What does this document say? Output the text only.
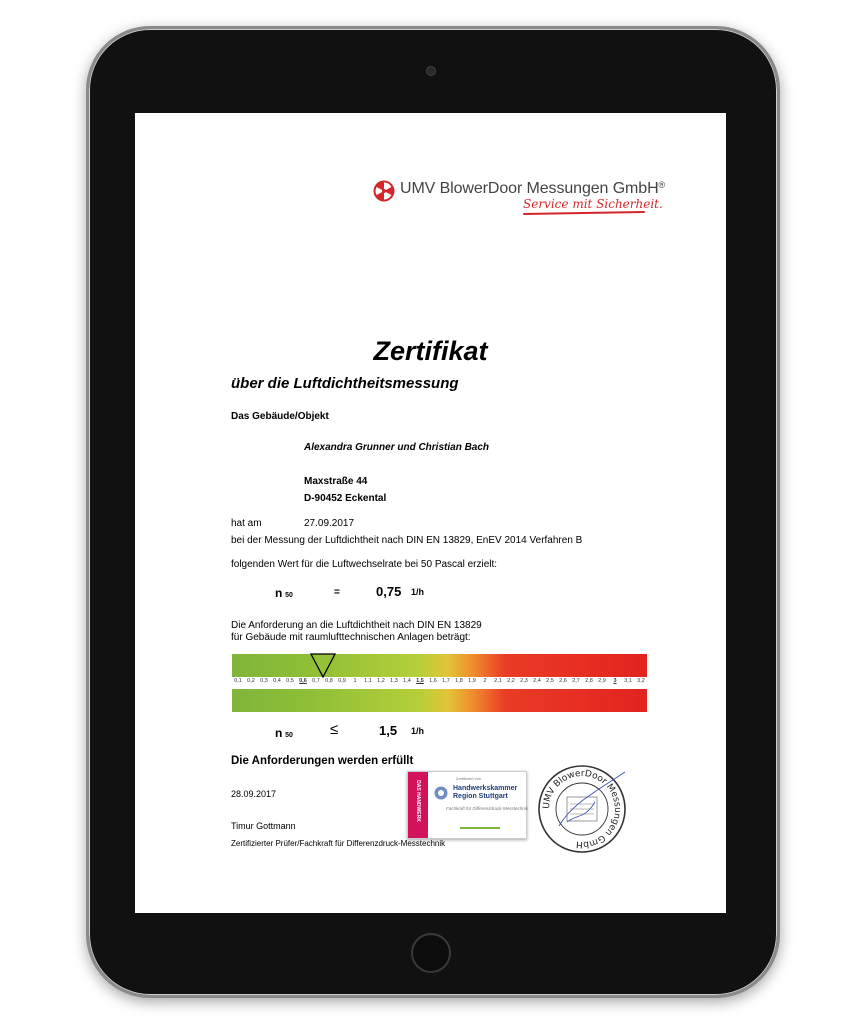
UMV BlowerDoor Messungen GmbH®
Service mit Sicherheit.
Zertifikat
über die Luftdichtheitsmessung
Das Gebäude/Objekt
Alexandra Grunner und Christian Bach
Maxstraße 44
D-90452 Eckental
hat am	27.09.2017
bei der Messung der Luftdichtheit nach DIN EN 13829, EnEV 2014 Verfahren B
folgenden Wert für die Luftwechselrate bei 50 Pascal erzielt:
n 50	=	0,75 1/h
Die Anforderung an die Luftdichtheit nach DIN EN 13829
für Gebäude mit raumlufttechnischen Anlagen beträgt:
0,1 0,2 0,3 0,4 0,5 0,6 0,7 0,8 0,9 1 1,1 1,2 1,3 1,4 1,5 1,6 1,7 1,8 1,9 2 2,1 2,2 2,3 2,4 2,5 2,6 2,7 2,8 2,9 3 3,1 3,2
n 50 ≤	1,5 1/h
Die Anforderungen werden erfüllt
28.09.2017
Timur Gottmann
Zertifizierter Prüfer/Fachkraft für Differenzdruck-Messtechnik
DAS HANDWERK
Zertifiziert von
Handwerkskammer
Region Stuttgart
Fachkraft für Differenzdruck-Messtechnik UMV BlowerDoor Messungen GmbH
